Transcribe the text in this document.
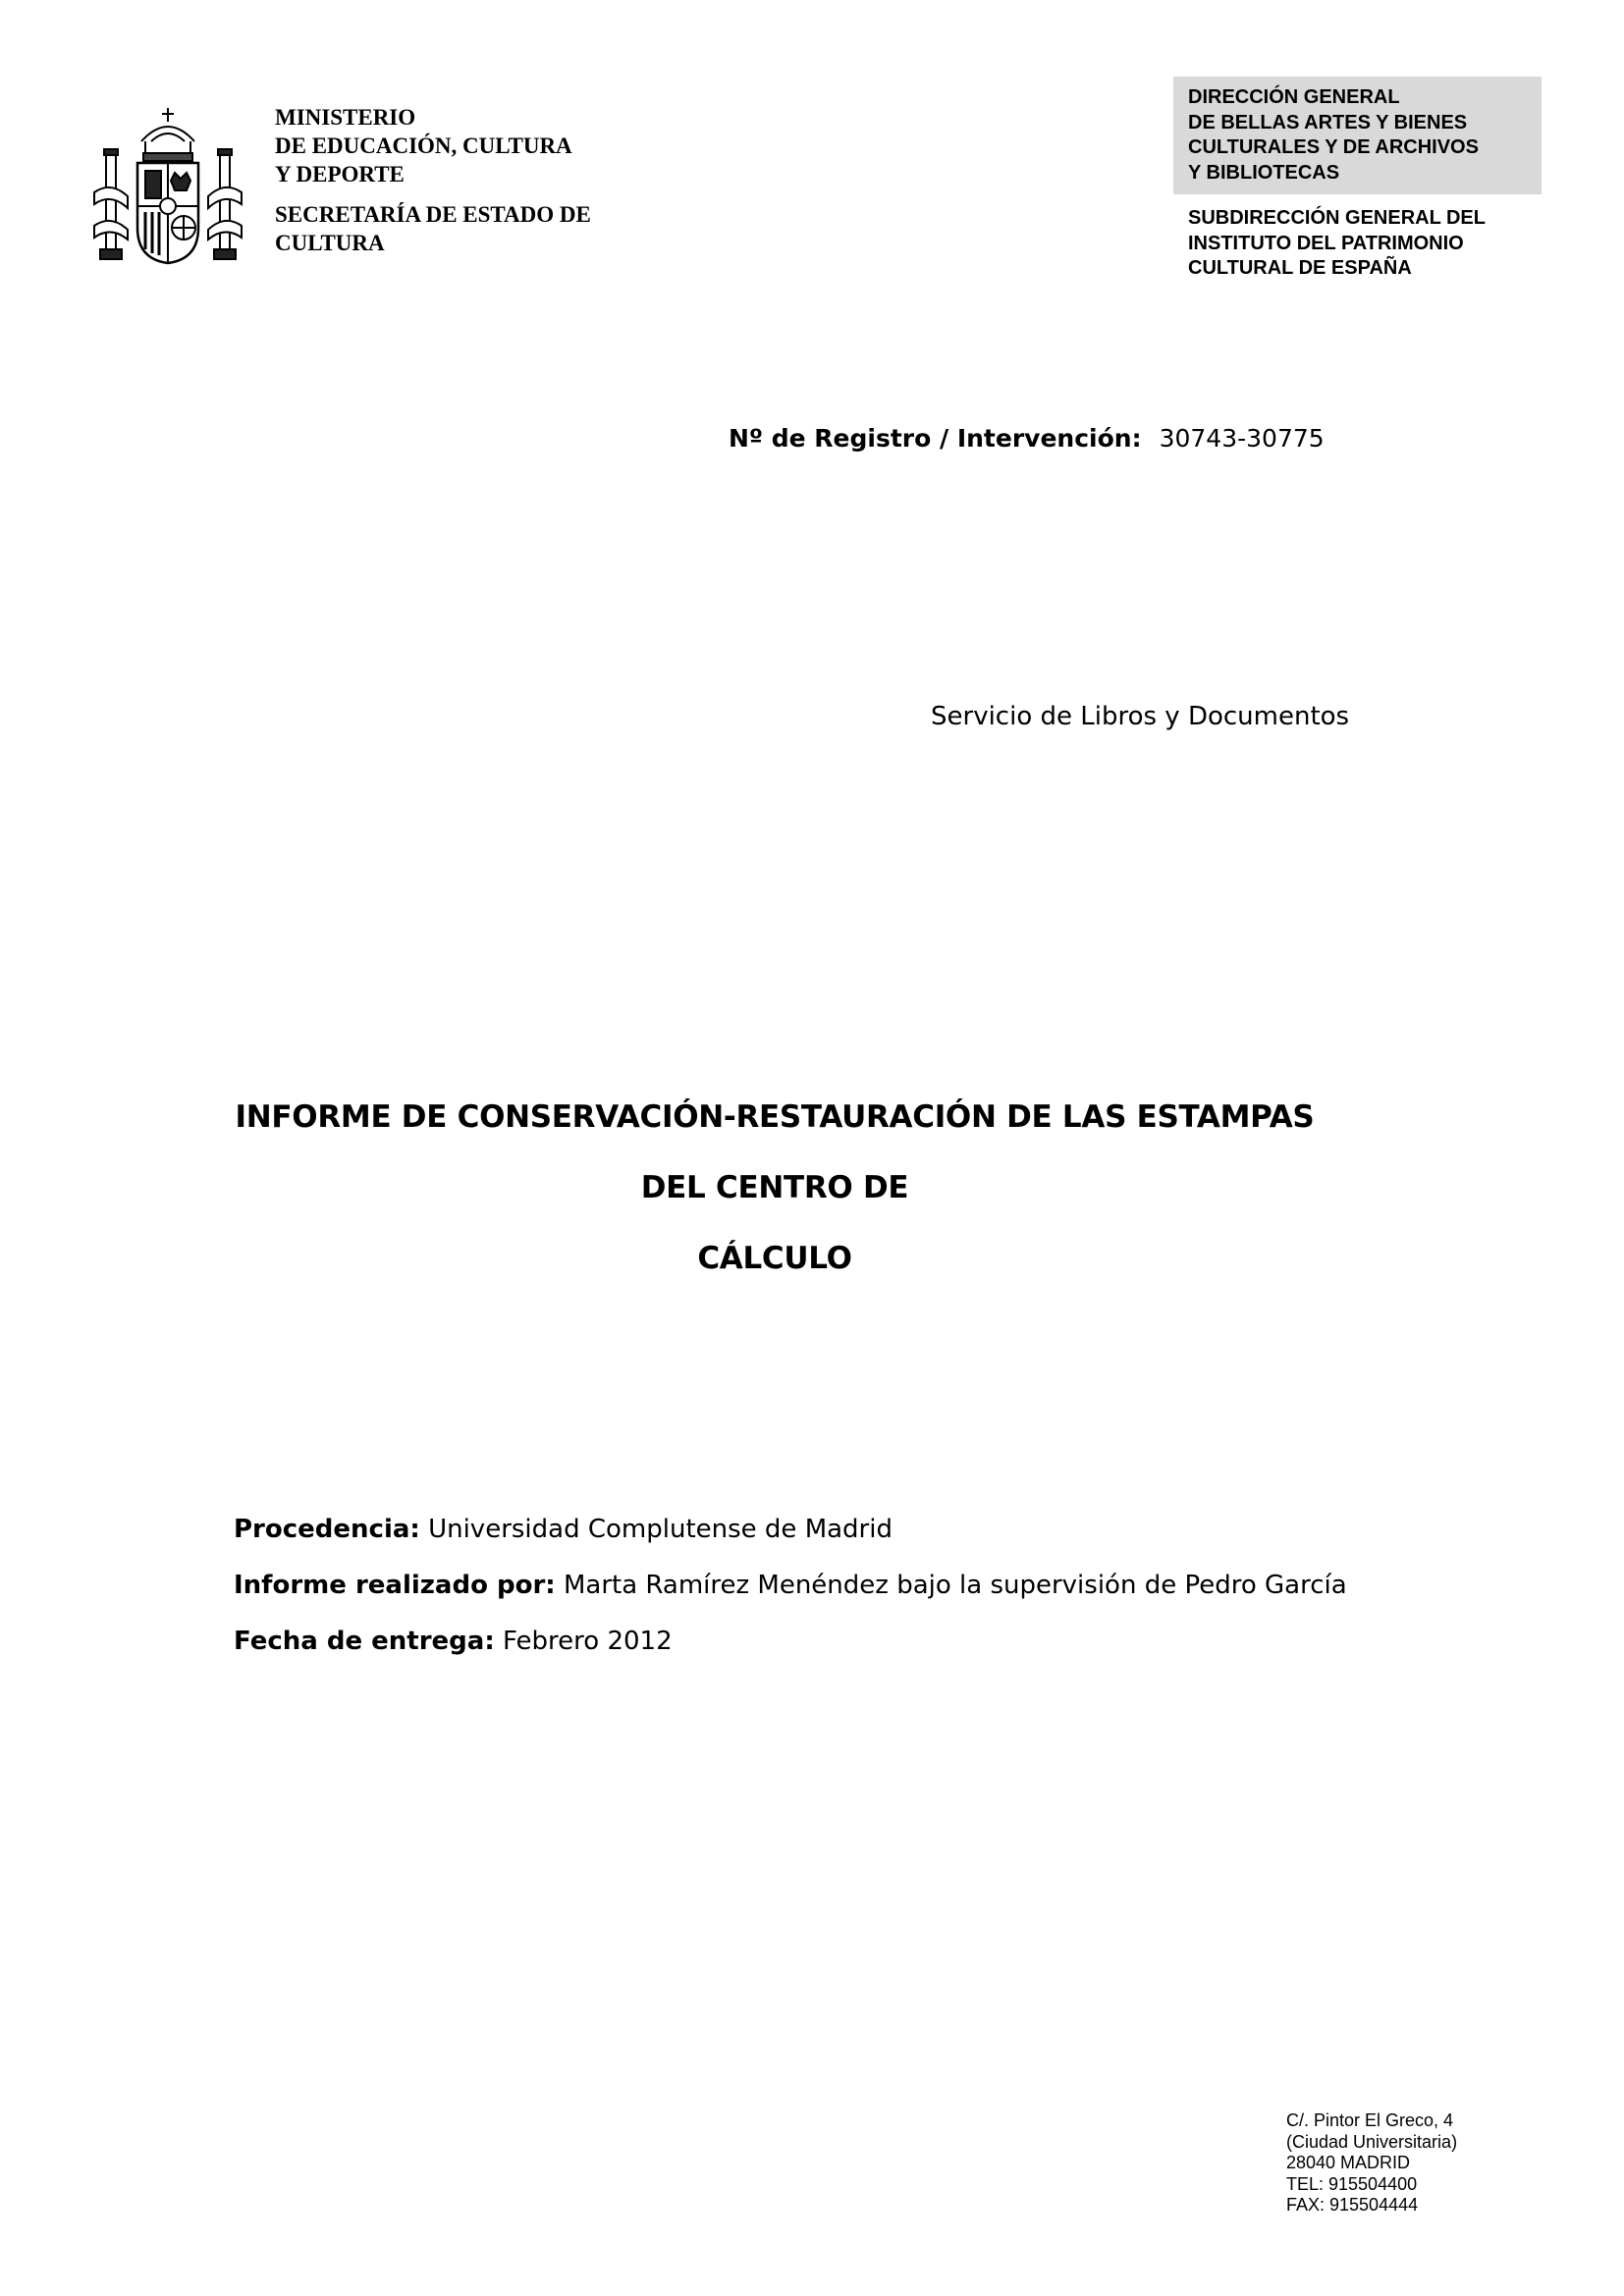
MINISTERIO
DE EDUCACIÓN, CULTURA
Y DEPORTE
SECRETARÍA DE ESTADO DE
CULTURA
DIRECCIÓN GENERAL
DE BELLAS ARTES Y BIENES
CULTURALES Y DE ARCHIVOS
Y BIBLIOTECAS
SUBDIRECCIÓN GENERAL DEL
INSTITUTO DEL PATRIMONIO
CULTURAL DE ESPAÑA
Nº de Registro / Intervención: 30743-30775
Servicio de Libros y Documentos
INFORME DE CONSERVACIÓN-RESTAURACIÓN DE LAS ESTAMPAS DEL CENTRO DE
CÁLCULO
Procedencia: Universidad Complutense de Madrid
Informe realizado por: Marta Ramírez Menéndez bajo la supervisión de Pedro García
Fecha de entrega: Febrero 2012
C/. Pintor El Greco, 4
(Ciudad Universitaria)
28040 MADRID
TEL: 915504400
FAX: 915504444
